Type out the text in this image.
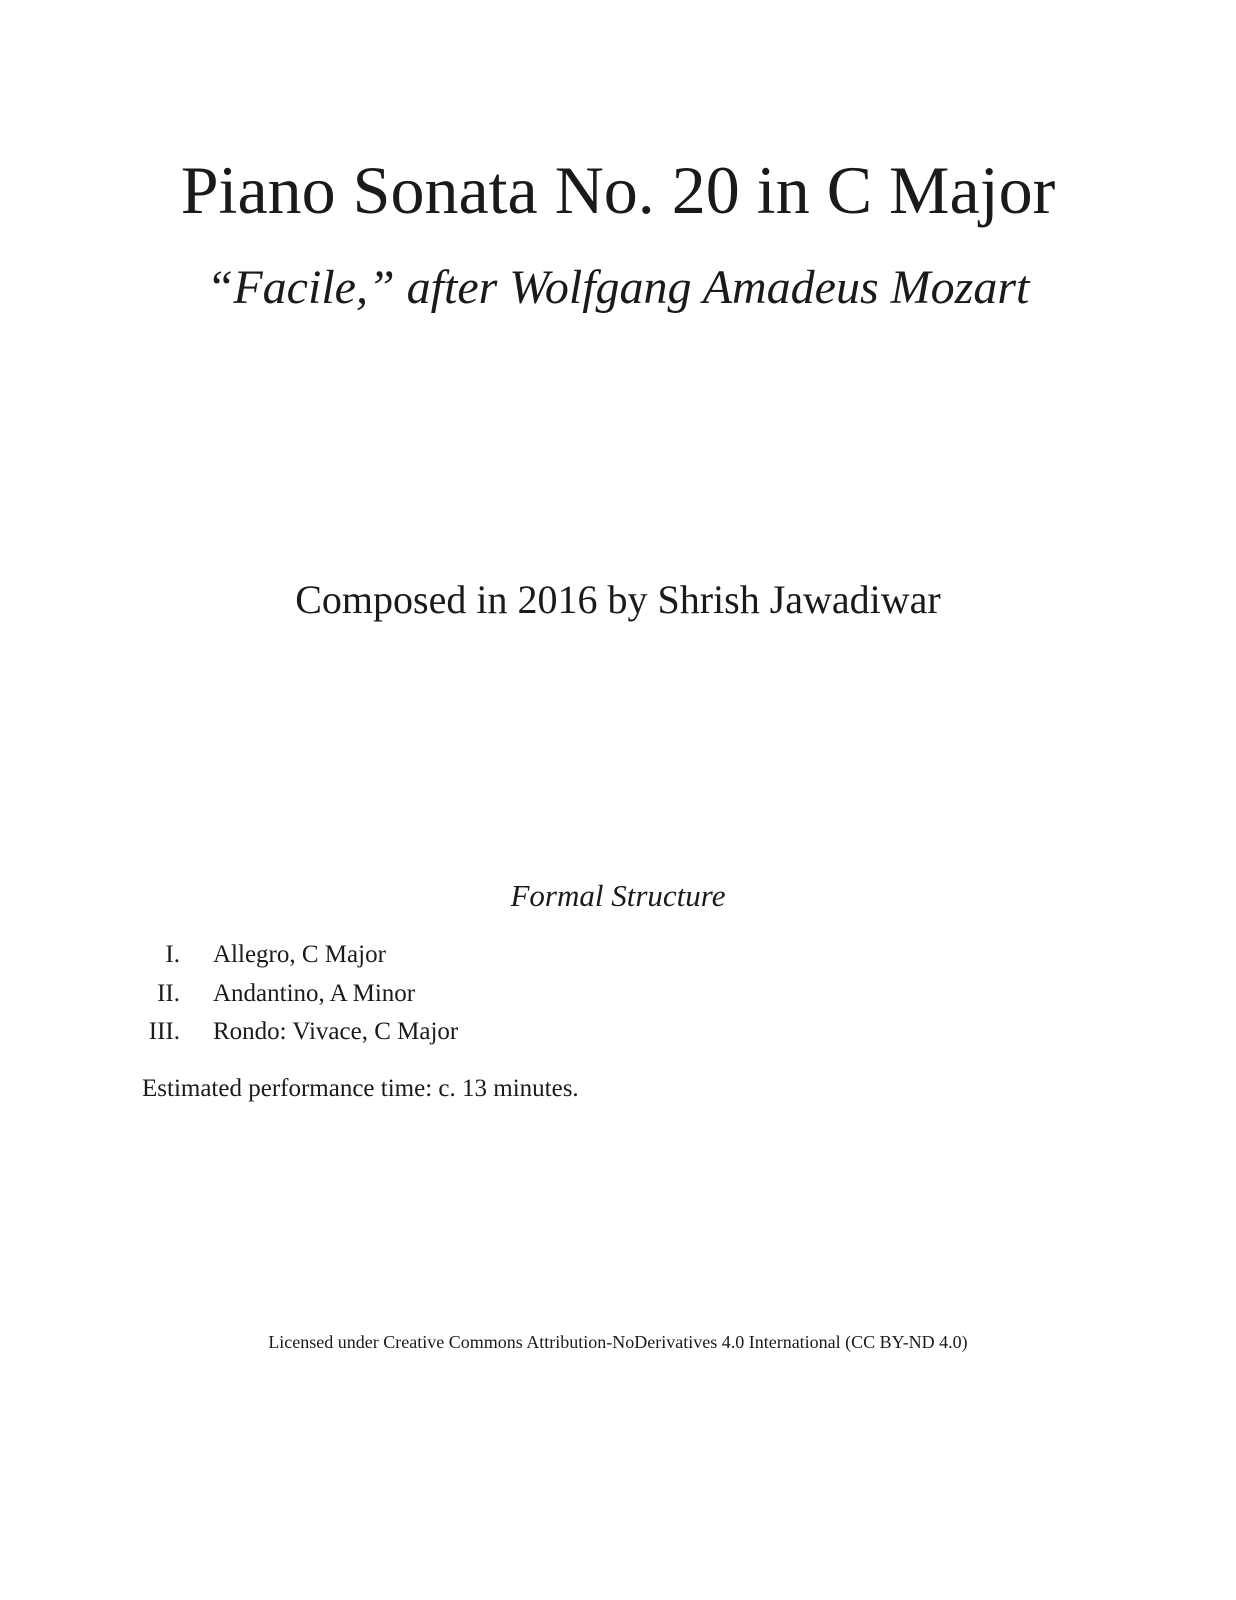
Piano Sonata No. 20 in C Major

“Facile,” after Wolfgang Amadeus Mozart

Composed in 2016 by Shrish Jawadiwar

Formal Structure

I. Allegro, C Major
II. Andantino, A Minor
III. Rondo: Vivace, C Major

Estimated performance time: c. 13 minutes.

Licensed under Creative Commons Attribution-NoDerivatives 4.0 International (CC BY-ND 4.0)
